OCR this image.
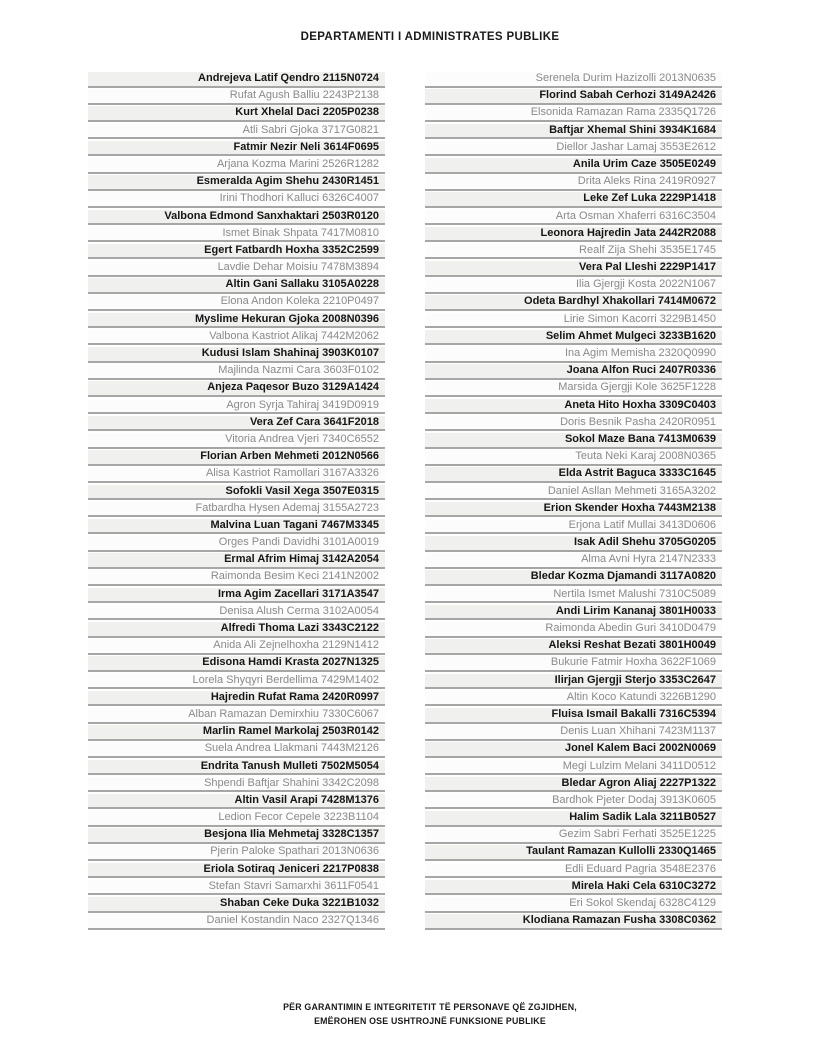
DEPARTAMENTI I ADMINISTRATES PUBLIKE
Andrejeva Latif Qendro 2115N0724
Rufat Agush Balliu 2243P2138
Kurt Xhelal Daci 2205P0238
Atli Sabri Gjoka 3717G0821
Fatmir Nezir Neli 3614F0695
Arjana Kozma Marini 2526R1282
Esmeralda Agim Shehu 2430R1451
Irini Thodhori Kalluci 6326C4007
Valbona Edmond Sanxhaktari 2503R0120
Ismet Binak Shpata 7417M0810
Egert Fatbardh Hoxha 3352C2599
Lavdie Dehar Moisiu 7478M3894
Altin Gani Sallaku 3105A0228
Elona Andon Koleka 2210P0497
Myslime Hekuran Gjoka 2008N0396
Valbona Kastriot Alikaj 7442M2062
Kudusi Islam Shahinaj 3903K0107
Majlinda Nazmi Cara 3603F0102
Anjeza Paqesor Buzo 3129A1424
Agron Syrja Tahiraj 3419D0919
Vera Zef Cara 3641F2018
Vitoria Andrea Vjeri 7340C6552
Florian Arben Mehmeti 2012N0566
Alisa Kastriot Ramollari 3167A3326
Sofokli Vasil Xega 3507E0315
Fatbardha Hysen Ademaj 3155A2723
Malvina Luan Tagani 7467M3345
Orges Pandi Davidhi 3101A0019
Ermal Afrim Himaj 3142A2054
Raimonda Besim Keci 2141N2002
Irma Agim Zacellari 3171A3547
Denisa Alush Cerma 3102A0054
Alfredi Thoma Lazi 3343C2122
Anida Ali Zejnelhoxha 2129N1412
Edisona Hamdi Krasta 2027N1325
Lorela Shyqyri Berdellima 7429M1402
Hajredin Rufat Rama 2420R0997
Alban Ramazan Demirxhiu 7330C6067
Marlin Ramel Markolaj 2503R0142
Suela Andrea Llakmani 7443M2126
Endrita Tanush Mulleti 7502M5054
Shpendi Baftjar Shahini 3342C2098
Altin Vasil Arapi 7428M1376
Ledion Fecor Cepele 3223B1104
Besjona Ilia Mehmetaj 3328C1357
Pjerin Paloke Spathari 2013N0636
Eriola Sotiraq Jeniceri 2217P0838
Stefan Stavri Samarxhi 3611F0541
Shaban Ceke Duka 3221B1032
Daniel Kostandin Naco 2327Q1346
Serenela Durim Hazizolli 2013N0635
Florind Sabah Cerhozi 3149A2426
Elsonida Ramazan Rama 2335Q1726
Baftjar Xhemal Shini 3934K1684
Diellor Jashar Lamaj 3553E2612
Anila Urim Caze 3505E0249
Drita Aleks Rina 2419R0927
Leke Zef Luka 2229P1418
Arta Osman Xhaferri 6316C3504
Leonora Hajredin Jata 2442R2088
Realf Zija Shehi 3535E1745
Vera Pal Lleshi 2229P1417
Ilia Gjergji Kosta 2022N1067
Odeta Bardhyl Xhakollari 7414M0672
Lirie Simon Kacorri 3229B1450
Selim Ahmet Mulgeci 3233B1620
Ina Agim Memisha 2320Q0990
Joana Alfon Ruci 2407R0336
Marsida Gjergji Kole 3625F1228
Aneta Hito Hoxha 3309C0403
Doris Besnik Pasha 2420R0951
Sokol Maze Bana 7413M0639
Teuta Neki Karaj 2008N0365
Elda Astrit Baguca 3333C1645
Daniel Asllan Mehmeti 3165A3202
Erion Skender Hoxha 7443M2138
Erjona Latif Mullai 3413D0606
Isak Adil Shehu 3705G0205
Alma Avni Hyra 2147N2333
Bledar Kozma Djamandi 3117A0820
Nertila Ismet Malushi 7310C5089
Andi Lirim Kananaj 3801H0033
Raimonda Abedin Guri 3410D0479
Aleksi Reshat Bezati 3801H0049
Bukurie Fatmir Hoxha 3622F1069
Ilirjan Gjergji Sterjo 3353C2647
Altin Koco Katundi 3226B1290
Fluisa Ismail Bakalli 7316C5394
Denis Luan Xhihani 7423M1137
Jonel Kalem Baci 2002N0069
Megi Lulzim Melani 3411D0512
Bledar Agron Aliaj 2227P1322
Bardhok Pjeter Dodaj 3913K0605
Halim Sadik Lala 3211B0527
Gezim Sabri Ferhati 3525E1225
Taulant Ramazan Kullolli 2330Q1465
Edli Eduard Pagria 3548E2376
Mirela Haki Cela 6310C3272
Eri Sokol Skendaj 6328C4129
Klodiana Ramazan Fusha 3308C0362
PËR GARANTIMIN E INTEGRITETIT TË PERSONAVE QË ZGJIDHEN,
EMËROHEN OSE USHTROJNË FUNKSIONE PUBLIKE
